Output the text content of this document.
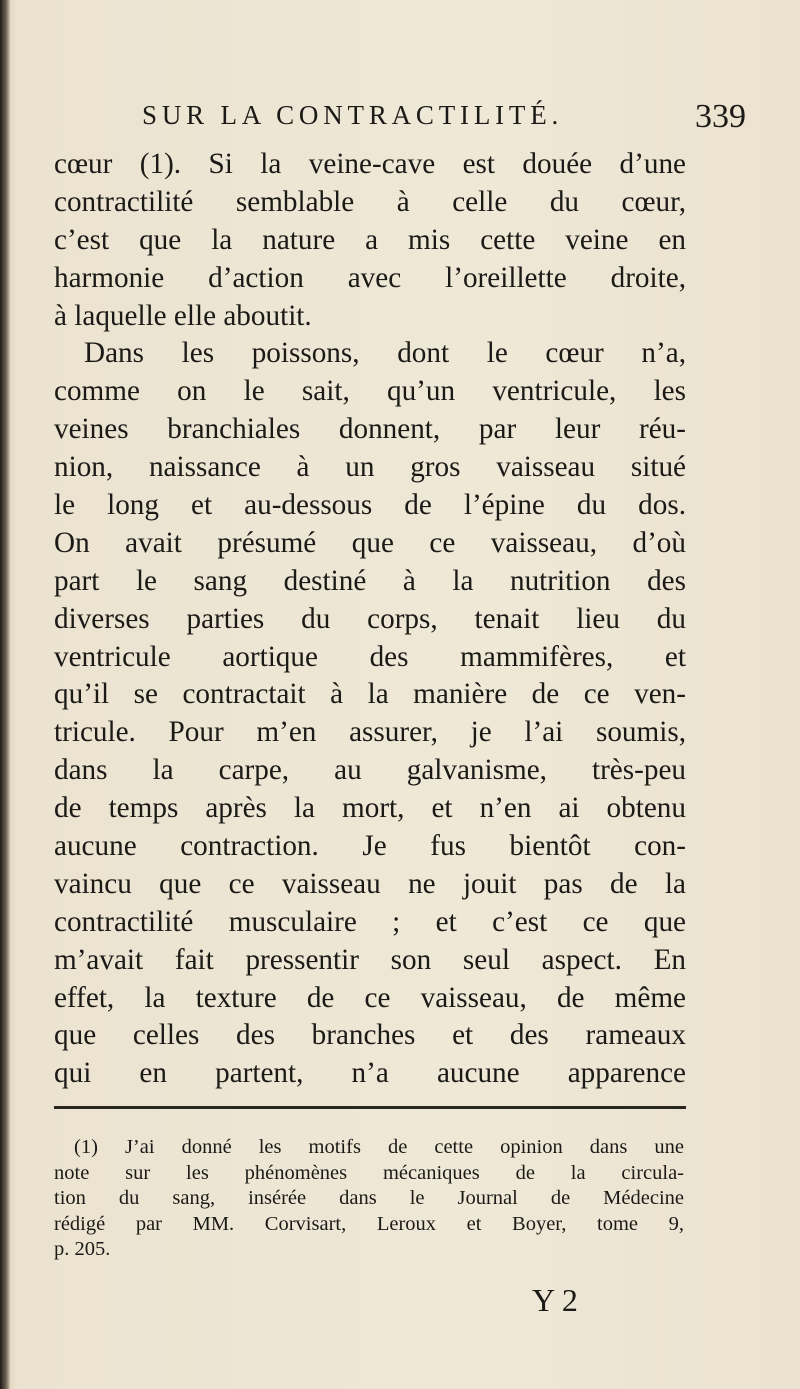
SUR LA CONTRACTILITÉ.	339
cœur (1). Si la veine-cave est douée d’une
contractilité semblable à celle du cœur,
c’est que la nature a mis cette veine en
harmonie d’action avec l’oreillette droite,
à laquelle elle aboutit.
Dans les poissons, dont le cœur n’a,
comme on le sait, qu’un ventricule, les
veines branchiales donnent, par leur réu-
nion, naissance à un gros vaisseau situé
le long et au-dessous de l’épine du dos.
On avait présumé que ce vaisseau, d’où
part le sang destiné à la nutrition des
diverses parties du corps, tenait lieu du
ventricule aortique des mammifères, et
qu’il se contractait à la manière de ce ven-
tricule. Pour m’en assurer, je l’ai soumis,
dans la carpe, au galvanisme, très-peu
de temps après la mort, et n’en ai obtenu
aucune contraction. Je fus bientôt con-
vaincu que ce vaisseau ne jouit pas de la
contractilité musculaire ; et c’est ce que
m’avait fait pressentir son seul aspect. En
effet, la texture de ce vaisseau, de même
que celles des branches et des rameaux
qui en partent, n’a aucune apparence
(1) J’ai donné les motifs de cette opinion dans une
note sur les phénomènes mécaniques de la circula-
tion du sang, insérée dans le Journal de Médecine
rédigé par MM. Corvisart, Leroux et Boyer, tome 9,
p. 205.
Y 2
